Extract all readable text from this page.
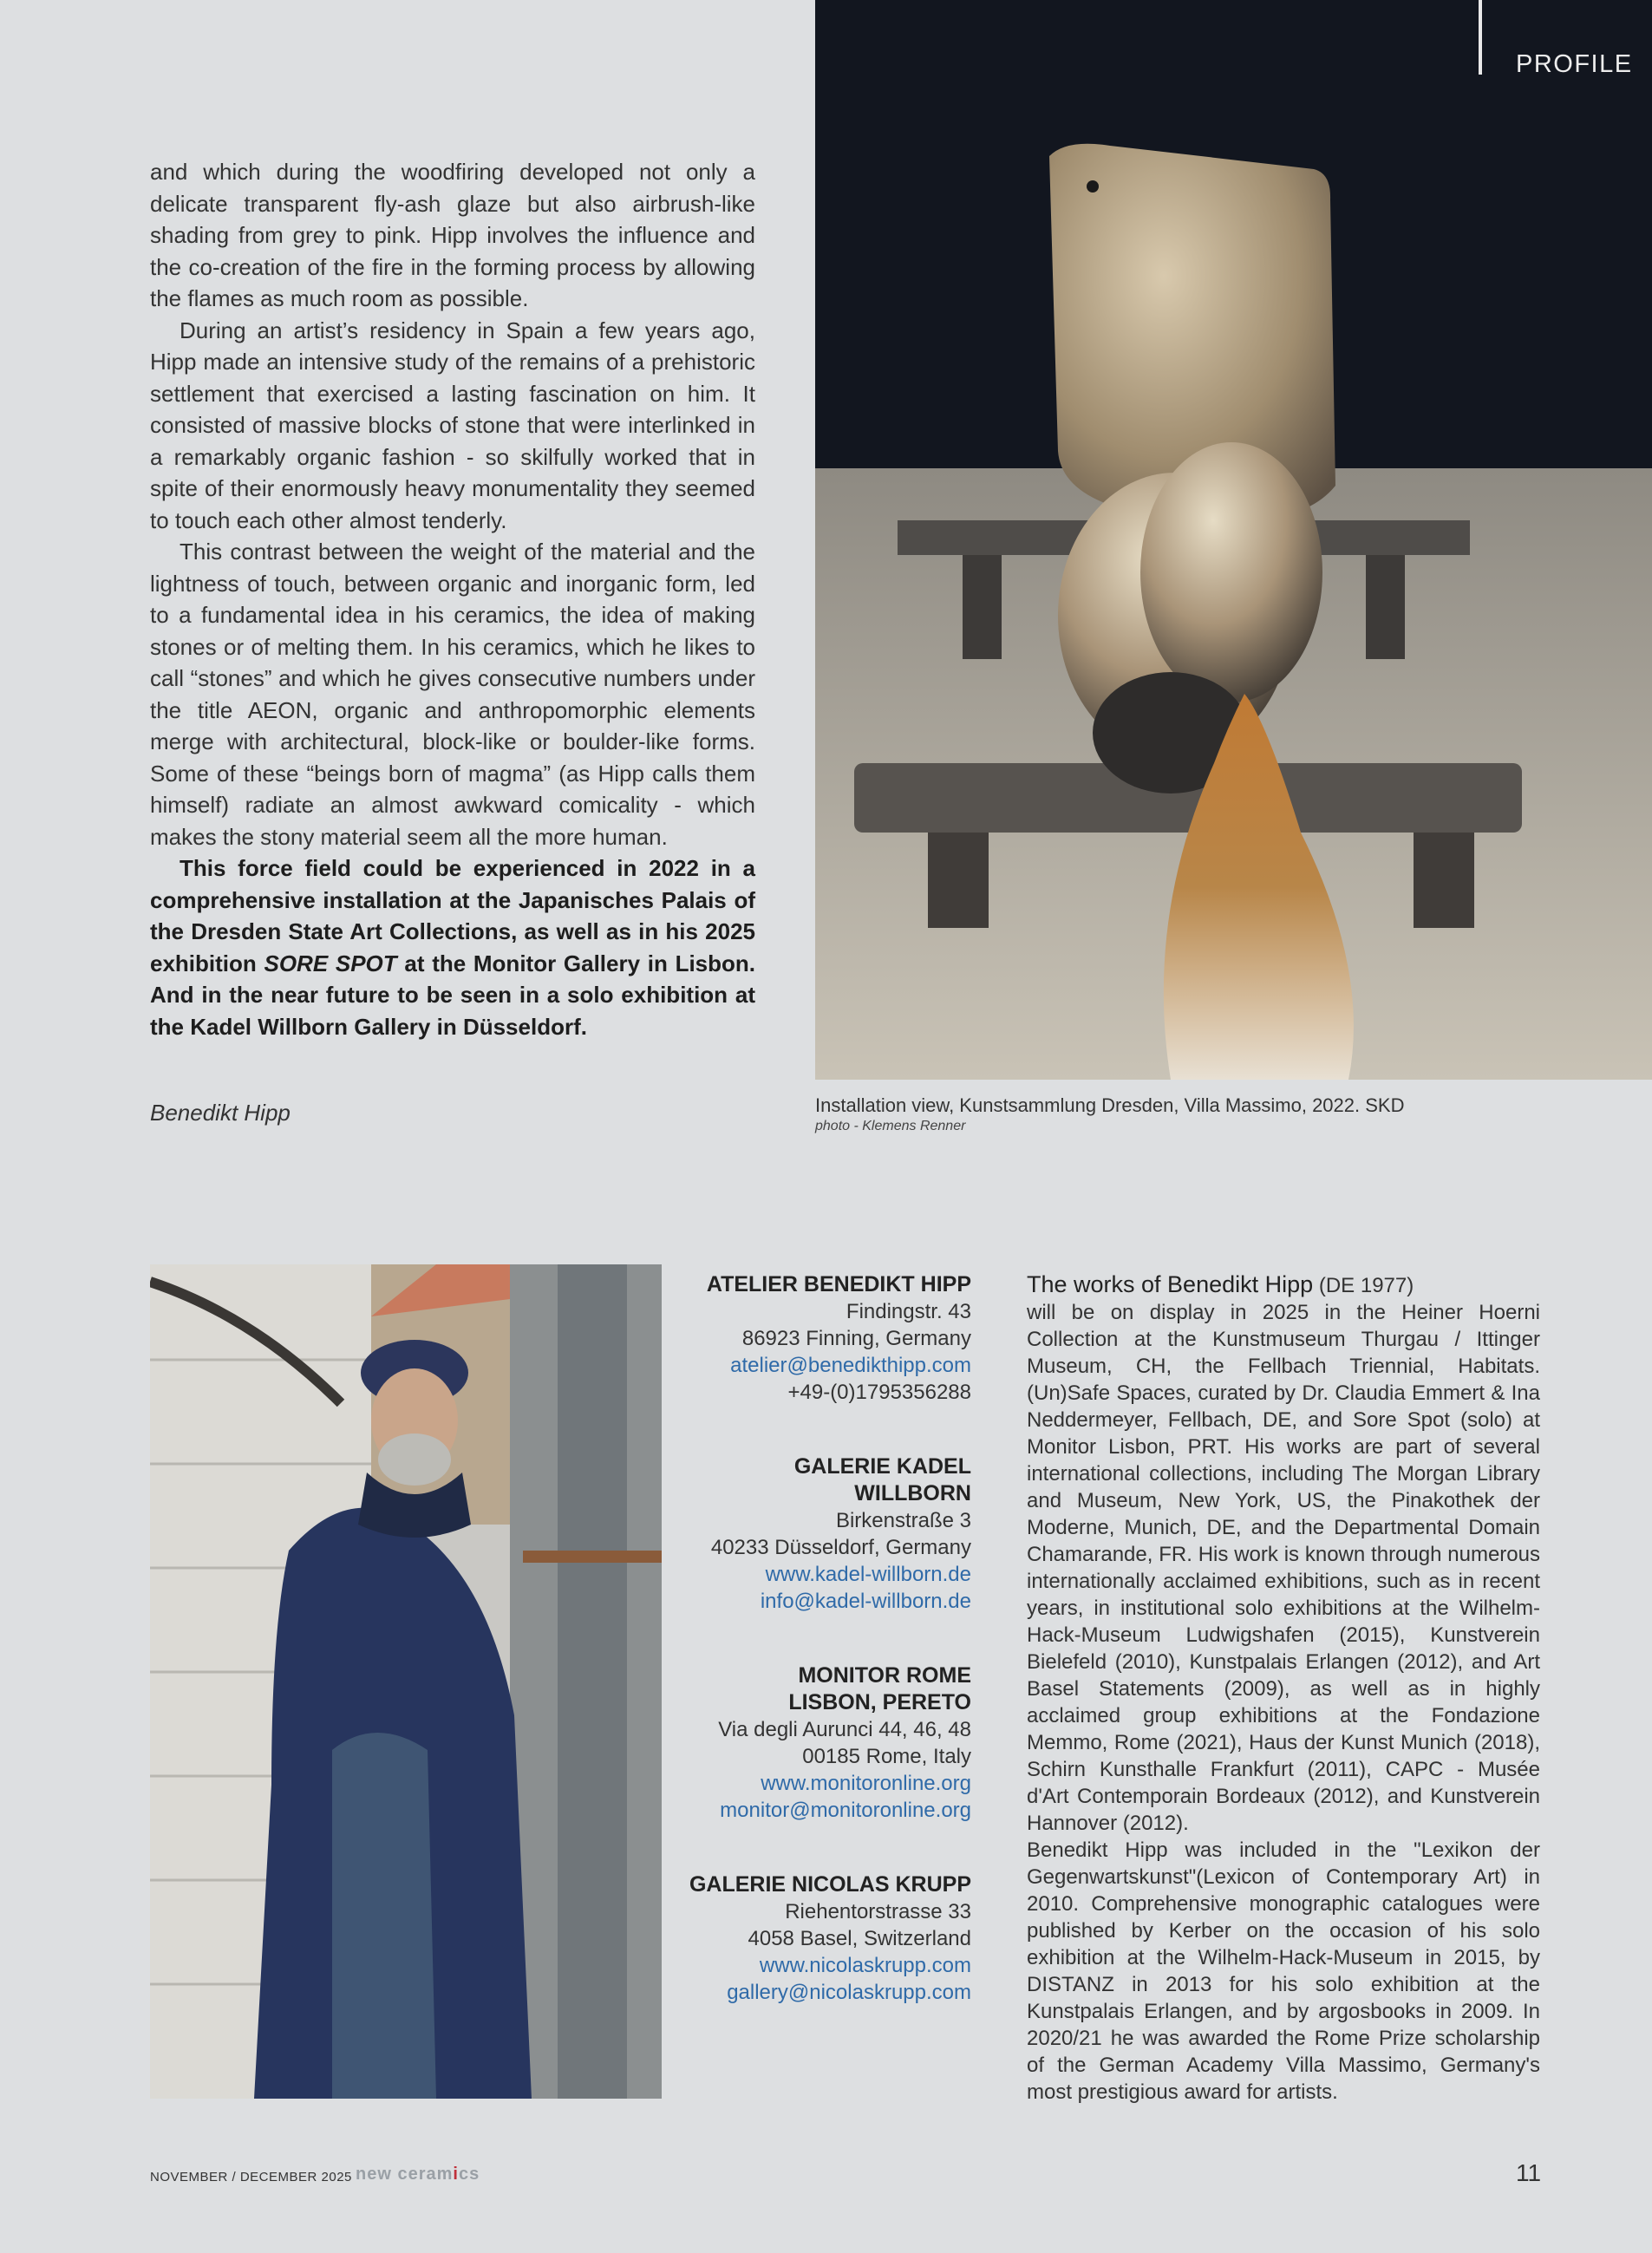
PROFILE

and which during the woodfiring developed not only a delicate transparent fly-ash glaze but also airbrush-like shading from grey to pink. Hipp involves the influence and the co-creation of the fire in the forming process by allowing the flames as much room as possible.

During an artist’s residency in Spain a few years ago, Hipp made an intensive study of the remains of a prehistoric settlement that exercised a lasting fascination on him. It consisted of massive blocks of stone that were interlinked in a remarkably organic fashion - so skilfully worked that in spite of their enormously heavy monumentality they seemed to touch each other almost tenderly.

This contrast between the weight of the material and the lightness of touch, between organic and inorganic form, led to a fundamental idea in his ceramics, the idea of making stones or of melting them. In his ceramics, which he likes to call “stones” and which he gives consecutive numbers under the title AEON, organic and anthropomorphic elements merge with architectural, block-like or boulder-like forms. Some of these “beings born of magma” (as Hipp calls them himself) radiate an almost awkward comicality - which makes the stony material seem all the more human.

This force field could be experienced in 2022 in a comprehensive installation at the Japanisches Palais of the Dresden State Art Collections, as well as in his 2025 exhibition SORE SPOT at the Monitor Gallery in Lisbon. And in the near future to be seen in a solo exhibition at the Kadel Willborn Gallery in Düsseldorf.

Benedikt Hipp	Installation view, Kunstsammlung Dresden, Villa Massimo, 2022. SKD
photo - Klemens Renner
ATELIER BENEDIKT HIPP
Findingstr. 43
86923 Finning, Germany
atelier@benedikthipp.com
+49-(0)1795356288
GALERIE KADEL WILLBORN
Birkenstraße 3
40233 Düsseldorf, Germany
www.kadel-willborn.de
info@kadel-willborn.de
MONITOR ROME
LISBON, PERETO
Via degli Aurunci 44, 46, 48
00185 Rome, Italy
www.monitoronline.org
monitor@monitoronline.org
GALERIE NICOLAS KRUPP
Riehentorstrasse 33
4058 Basel, Switzerland
www.nicolaskrupp.com
gallery@nicolaskrupp.com

The works of Benedikt Hipp (DE 1977)

will be on display in 2025 in the Heiner Hoerni Collection at the Kunstmuseum Thurgau / Ittinger Museum, CH, the Fellbach Triennial, Habitats. (Un)Safe Spaces, curated by Dr. Claudia Emmert & Ina Neddermeyer, Fellbach, DE, and Sore Spot (solo) at Monitor Lisbon, PRT. His works are part of several international collections, including The Morgan Library and Museum, New York, US, the Pinakothek der Moderne, Munich, DE, and the Departmental Domain Chamarande, FR. His work is known through numerous internationally acclaimed exhibitions, such as in recent years, in institutional solo exhibitions at the Wilhelm-Hack-Museum Ludwigshafen (2015), Kunstverein Bielefeld (2010), Kunstpalais Erlangen (2012), and Art Basel Statements (2009), as well as in highly acclaimed group exhibitions at the Fondazione Memmo, Rome (2021), Haus der Kunst Munich (2018), Schirn Kunsthalle Frankfurt (2011), CAPC - Musée d'Art Contemporain Bordeaux (2012), and Kunstverein Hannover (2012).

Benedikt Hipp was included in the "Lexikon der Gegenwartskunst"(Lexicon of Contemporary Art) in 2010. Comprehensive monographic catalogues were published by Kerber on the occasion of his solo exhibition at the Wilhelm-Hack-Museum in 2015, by DISTANZ in 2013 for his solo exhibition at the Kunstpalais Erlangen, and by argosbooks in 2009. In 2020/21 he was awarded the Rome Prize scholarship of the German Academy Villa Massimo, Germany's most prestigious award for artists.

NOVEMBER / DECEMBER 2025 new ceramics	11
